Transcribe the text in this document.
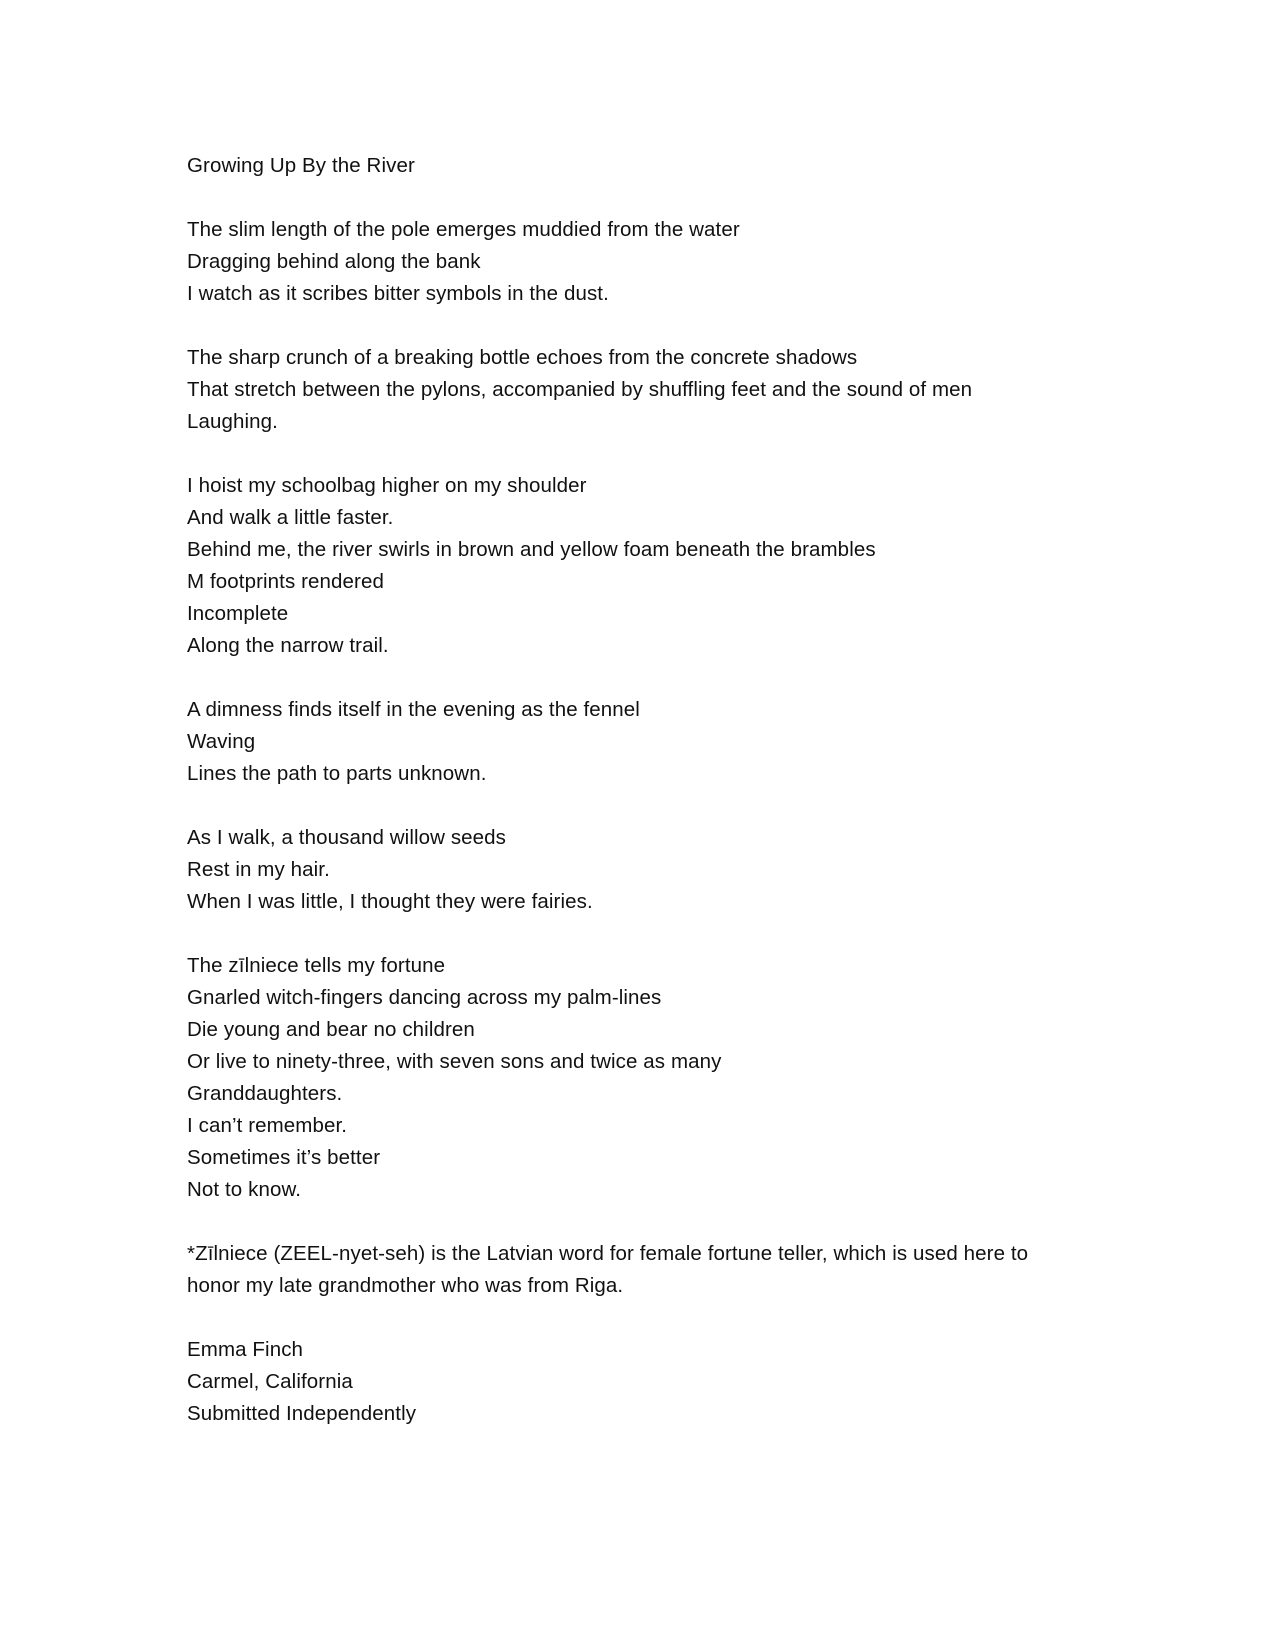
Growing Up By the River
The slim length of the pole emerges muddied from the water
Dragging behind along the bank
I watch as it scribes bitter symbols in the dust.
The sharp crunch of a breaking bottle echoes from the concrete shadows
That stretch between the pylons, accompanied by shuffling feet and the sound of men
Laughing.
I hoist my schoolbag higher on my shoulder
And walk a little faster.
Behind me, the river swirls in brown and yellow foam beneath the brambles
M footprints rendered
Incomplete
Along the narrow trail.
A dimness finds itself in the evening as the fennel
Waving
Lines the path to parts unknown.
As I walk, a thousand willow seeds
Rest in my hair.
When I was little, I thought they were fairies.
The zīlniece tells my fortune
Gnarled witch-fingers dancing across my palm-lines
Die young and bear no children
Or live to ninety-three, with seven sons and twice as many
Granddaughters.
I can’t remember.
Sometimes it’s better
Not to know.
*Zīlniece (ZEEL-nyet-seh) is the Latvian word for female fortune teller, which is used here to
honor my late grandmother who was from Riga.
Emma Finch
Carmel, California
Submitted Independently
